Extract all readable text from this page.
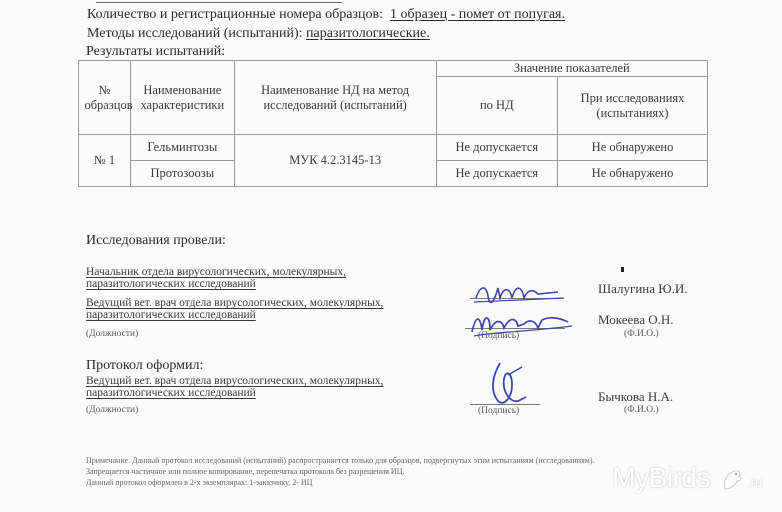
Количество и регистрационные номера образцов: 1 образец - помет от попугая.
Методы исследований (испытаний): паразитологические.
Результаты испытаний:
№ образцов	Наименование характеристики	Наименование НД на метод исследований (испытаний)	Значение показателей	
			по НД	При исследованиях (испытаниях)

№ 1	Гельминтозы	МУК 4.2.3145-13	Не допускается	Не обнаружено
	Протозоозы		Не допускается	Не обнаружено
Исследования провели:
Начальник отдела вирусологических, молекулярных, паразитологических исследований
Ведущий вет. врач отдела вирусологических, молекулярных, паразитологических исследований
(Должности)	(Подпись)
Шалугина Ю.И.
Мокеева О.Н.
(Ф.И.О.)
Протокол оформил:
Ведущий вет. врач отдела вирусологических, молекулярных, паразитологических исследований
(Должности)	(Подпись)
Бычкова Н.А.
(Ф.И.О.)
Примечание. Данный протокол исследований (испытаний) распространяется только для образцов, подвергнутых этим испытаниям (исследованиям).
Запрещается частичное или полное копирование, перепечатка протокола без разрешения ИЦ.
Данный протокол оформлен в 2-х экземплярах: 1-заказчику, 2- ИЦ	MyBirds	.ru
